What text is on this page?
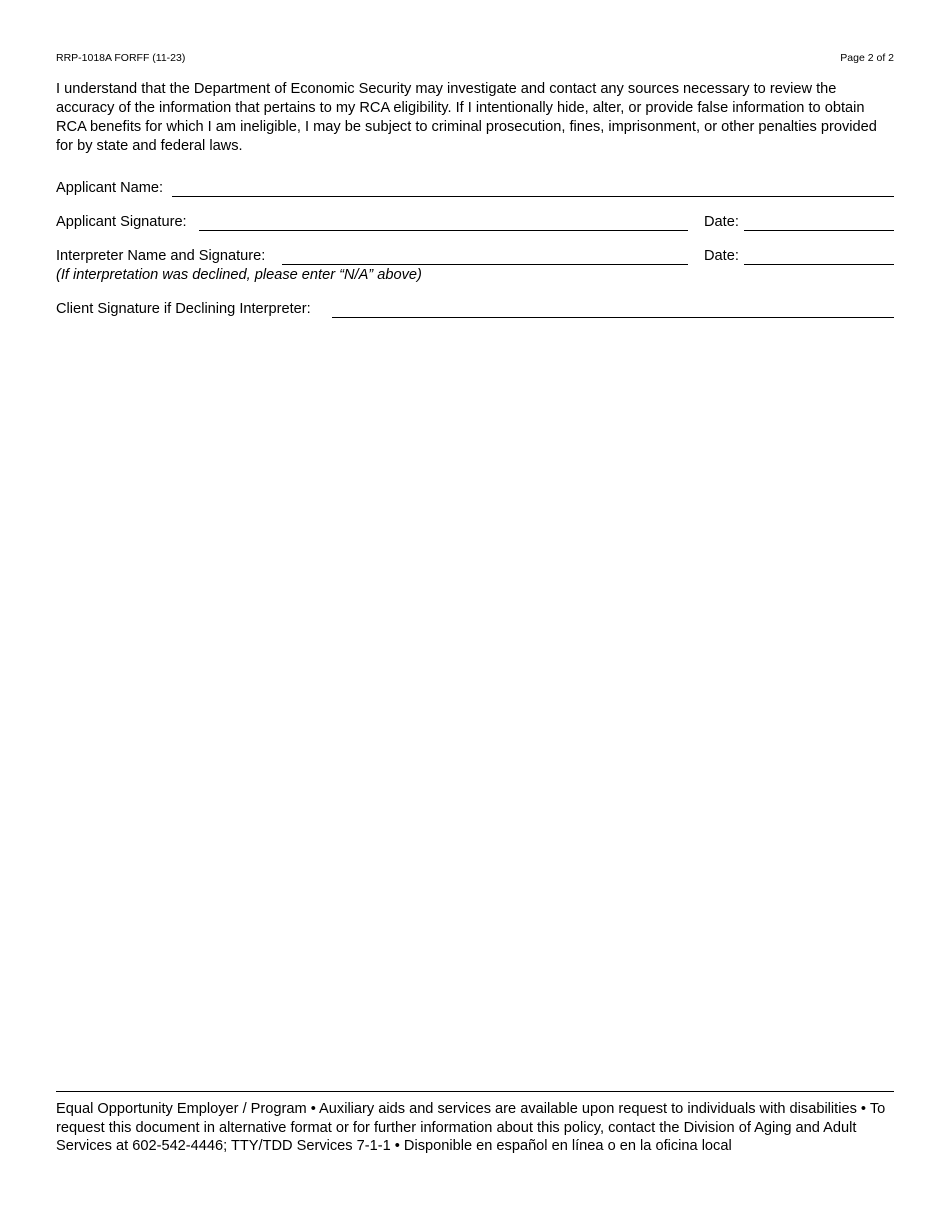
RRP-1018A FORFF (11-23)	Page 2 of 2

I understand that the Department of Economic Security may investigate and contact any sources necessary to review the accuracy of the information that pertains to my RCA eligibility. If I intentionally hide, alter, or provide false information to obtain RCA benefits for which I am ineligible, I may be subject to criminal prosecution, fines, imprisonment, or other penalties provided for by state and federal laws.

Applicant Name:
Applicant Signature:	Date:
Interpreter Name and Signature:	Date:
(If interpretation was declined, please enter “N/A” above)
Client Signature if Declining Interpreter:

Equal Opportunity Employer / Program • Auxiliary aids and services are available upon request to individuals with disabilities • To request this document in alternative format or for further information about this policy, contact the Division of Aging and Adult Services at 602-542-4446; TTY/TDD Services 7-1-1 • Disponible en español en línea o en la oficina local
